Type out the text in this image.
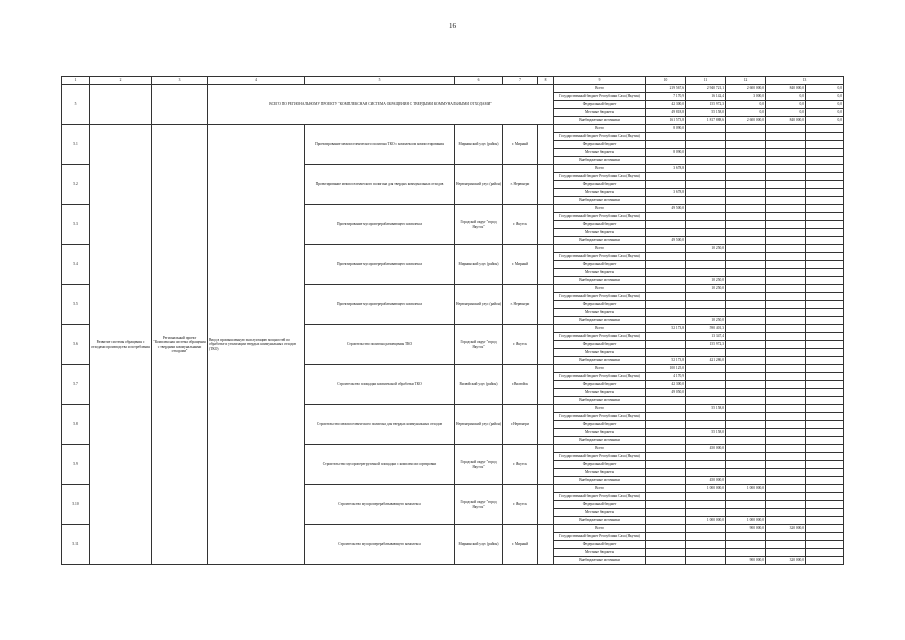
16
1	2	3	4	5	6	7	8	9	10	11	12	13	
5			ВСЕГО ПО РЕГИОНАЛЬНОМУ ПРОЕКТУ "КОМПЛЕКСНАЯ СИСТЕМА ОБРАЩЕНИЯ С ТВЕРДЫМИ КОММУНАЛЬНЫМИ ОТХОДАМИ"					Всего	219 567,6	2 940 721,1	2 600 000,0	840 000,0	0,0
								Государственный бюджет Республики Саха (Якутия)	7 170,9	16 142,4	3 000,0	0,0	0,0
								Федеральный бюджет	42 300,0	155 972,3	0,0	0,0	0,0
								Местные бюджеты	49 818,8	55 158,0	0,0	0,0	0,0
								Внебюджетные источники	161 573,8	1 817 888,6	2 600 000,0	840 000,0	0,0
5.1	Развитие системы обращения с отходами производства и потребления	Региональный проект "Комплексная система обращения с твердыми коммунальными отходами"	Ввод в промышленную эксплуатацию мощностей по обработке и утилизации твердых коммунальных отходов (ТКО)	Проектирование межпоселенческого полигона ТКО с комплексом компостирования	Мирнинский улус (район)	г. Мирный		Всего	8 090,0				
								Государственный бюджет Республики Саха (Якутия)					
								Федеральный бюджет					
								Местные бюджеты	8 090,0				
								Внебюджетные источники					
5.2				Проектирование межпоселенческого полигона для твердых коммунальных отходов	Нерюнгринский улус (район)	г. Нерюнгри		Всего	3 678,8				
								Государственный бюджет Республики Саха (Якутия)					
								Федеральный бюджет					
								Местные бюджеты	3 678,8				
								Внебюджетные источники					
5.3				Проектирование мусороперерабатывающего комплекса	Городской округ "город Якутск"	г. Якутск		Всего	49 500,0				
								Государственный бюджет Республики Саха (Якутия)					
								Федеральный бюджет					
								Местные бюджеты					
								Внебюджетные источники	49 500,0				
5.4				Проектирование мусороперерабатывающего комплекса	Мирнинский улус (район)	г. Мирный		Всего		10 250,0			
								Государственный бюджет Республики Саха (Якутия)					
								Федеральный бюджет					
								Местные бюджеты					
								Внебюджетные источники		10 250,0			
5.5				Проектирование мусороперерабатывающего комплекса	Нерюнгринский улус (район)	г. Нерюнгри		Всего		10 250,0			
								Государственный бюджет Республики Саха (Якутия)					
								Федеральный бюджет					
								Местные бюджеты					
								Внебюджетные источники		10 250,0			
5.6				Строительство полигона размещения ТКО	Городской округ "город Якутск"	г. Якутск		Всего	52 173,8	590 401,3			
								Государственный бюджет Республики Саха (Якутия)		13 347,4			
								Федеральный бюджет		155 972,3			
								Местные бюджеты					
								Внебюджетные источники	52 173,8	421 286,0			
5.7				Строительство площадки комплексной обработки ТКО	Вилюйский улус (район)	г.Вилюйск		Всего	100 125,0				
								Государственный бюджет Республики Саха (Якутия)	4 170,9				
								Федеральный бюджет	42 300,0				
								Местные бюджеты	49 050,0				
								Внебюджетные источники					
5.8				Строительство межпоселенческого полигона для твердых коммунальных отходов	Нерюнгринский улус (район)	г.Нерюнгри		Всего		55 158,0			
								Государственный бюджет Республики Саха (Якутия)					
								Федеральный бюджет					
								Местные бюджеты		55 158,0			
								Внебюджетные источники					
5.9				Строительство мусороперегрузочной площадки с комплексом сортировки	Городской округ "город Якутск"	г. Якутск		Всего		450 000,0			
								Государственный бюджет Республики Саха (Якутия)					
								Федеральный бюджет					
								Местные бюджеты					
								Внебюджетные источники		450 000,0			
5.10				Строительство мусороперерабатывающего комплекса	Городской округ "город Якутск"	г. Якутск		Всего		1 000 000,0	1 000 000,0		
								Государственный бюджет Республики Саха (Якутия)					
								Федеральный бюджет					
								Местные бюджеты					
								Внебюджетные источники		1 000 000,0	1 000 000,0		
5.11				Строительство мусороперерабатывающего комплекса	Мирнинский улус (район)	г. Мирный		Всего			900 000,0	320 000,0	
								Государственный бюджет Республики Саха (Якутия)					
								Федеральный бюджет					
								Местные бюджеты					
								Внебюджетные источники			900 000,0	320 000,0	
